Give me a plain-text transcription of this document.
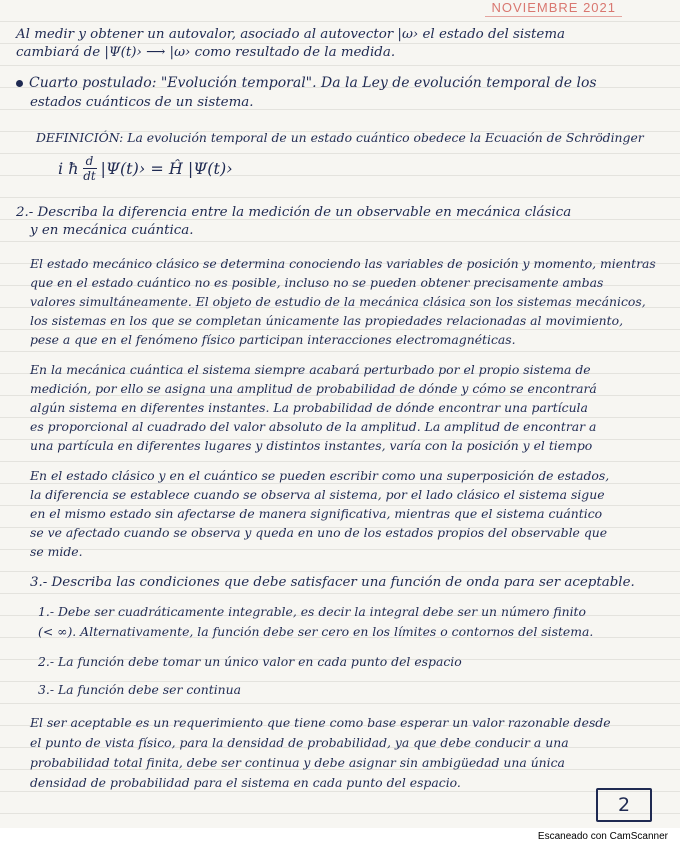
NOVIEMBRE 2021
Al medir y obtener un autovalor, asociado al autovector |ω› el estado del sistema
cambiará de |Ψ(t)› ⟶ |ω› como resultado de la medida.
Cuarto postulado: "Evolución temporal". Da la Ley de evolución temporal de los
estados cuánticos de un sistema.
DEFINICIÓN: La evolución temporal de un estado cuántico obedece la Ecuación de Schrödinger
i ħ $\frac{d}{dt}$ |Ψ(t)› = Ĥ |Ψ(t)›
2.- Describa la diferencia entre la medición de un observable en mecánica clásica
y en mecánica cuántica.
El estado mecánico clásico se determina conociendo las variables de posición y momento, mientras
que en el estado cuántico no es posible, incluso no se pueden obtener precisamente ambas
valores simultáneamente. El objeto de estudio de la mecánica clásica son los sistemas mecánicos,
los sistemas en los que se completan únicamente las propiedades relacionadas al movimiento,
pese a que en el fenómeno físico participan interacciones electromagnéticas.
En la mecánica cuántica el sistema siempre acabará perturbado por el propio sistema de
medición, por ello se asigna una amplitud de probabilidad de dónde y cómo se encontrará
algún sistema en diferentes instantes. La probabilidad de dónde encontrar una partícula
es proporcional al cuadrado del valor absoluto de la amplitud. La amplitud de encontrar a
una partícula en diferentes lugares y distintos instantes, varía con la posición y el tiempo
En el estado clásico y en el cuántico se pueden escribir como una superposición de estados,
la diferencia se establece cuando se observa al sistema, por el lado clásico el sistema sigue
en el mismo estado sin afectarse de manera significativa, mientras que el sistema cuántico
se ve afectado cuando se observa y queda en uno de los estados propios del observable que
se mide.
3.- Describa las condiciones que debe satisfacer una función de onda para ser aceptable.
1.- Debe ser cuadráticamente integrable, es decir la integral debe ser un número finito
(< ∞). Alternativamente, la función debe ser cero en los límites o contornos del sistema.
2.- La función debe tomar un único valor en cada punto del espacio
3.- La función debe ser continua
El ser aceptable es un requerimiento que tiene como base esperar un valor razonable desde
el punto de vista físico, para la densidad de probabilidad, ya que debe conducir a una
probabilidad total finita, debe ser continua y debe asignar sin ambigüedad una única
densidad de probabilidad para el sistema en cada punto del espacio.
2
Escaneado con CamScanner
